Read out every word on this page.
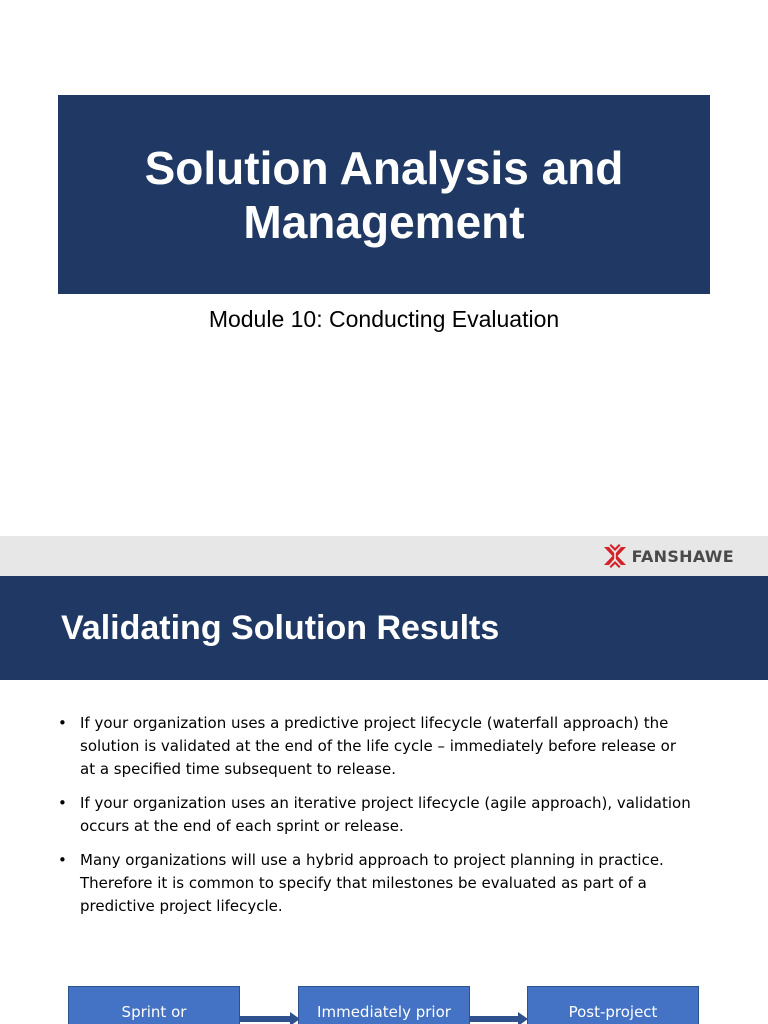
Solution Analysis and
Management
Module 10: Conducting Evaluation
FANSHAWE
Validating Solution Results
• If your organization uses a predictive project lifecycle (waterfall approach) the
solution is validated at the end of the life cycle – immediately before release or
at a specified time subsequent to release.
• If your organization uses an iterative project lifecycle (agile approach), validation
occurs at the end of each sprint or release.
• Many organizations will use a hybrid approach to project planning in practice.
Therefore it is common to specify that milestones be evaluated as part of a
predictive project lifecycle.
Sprint or	Immediately prior	Post-project
